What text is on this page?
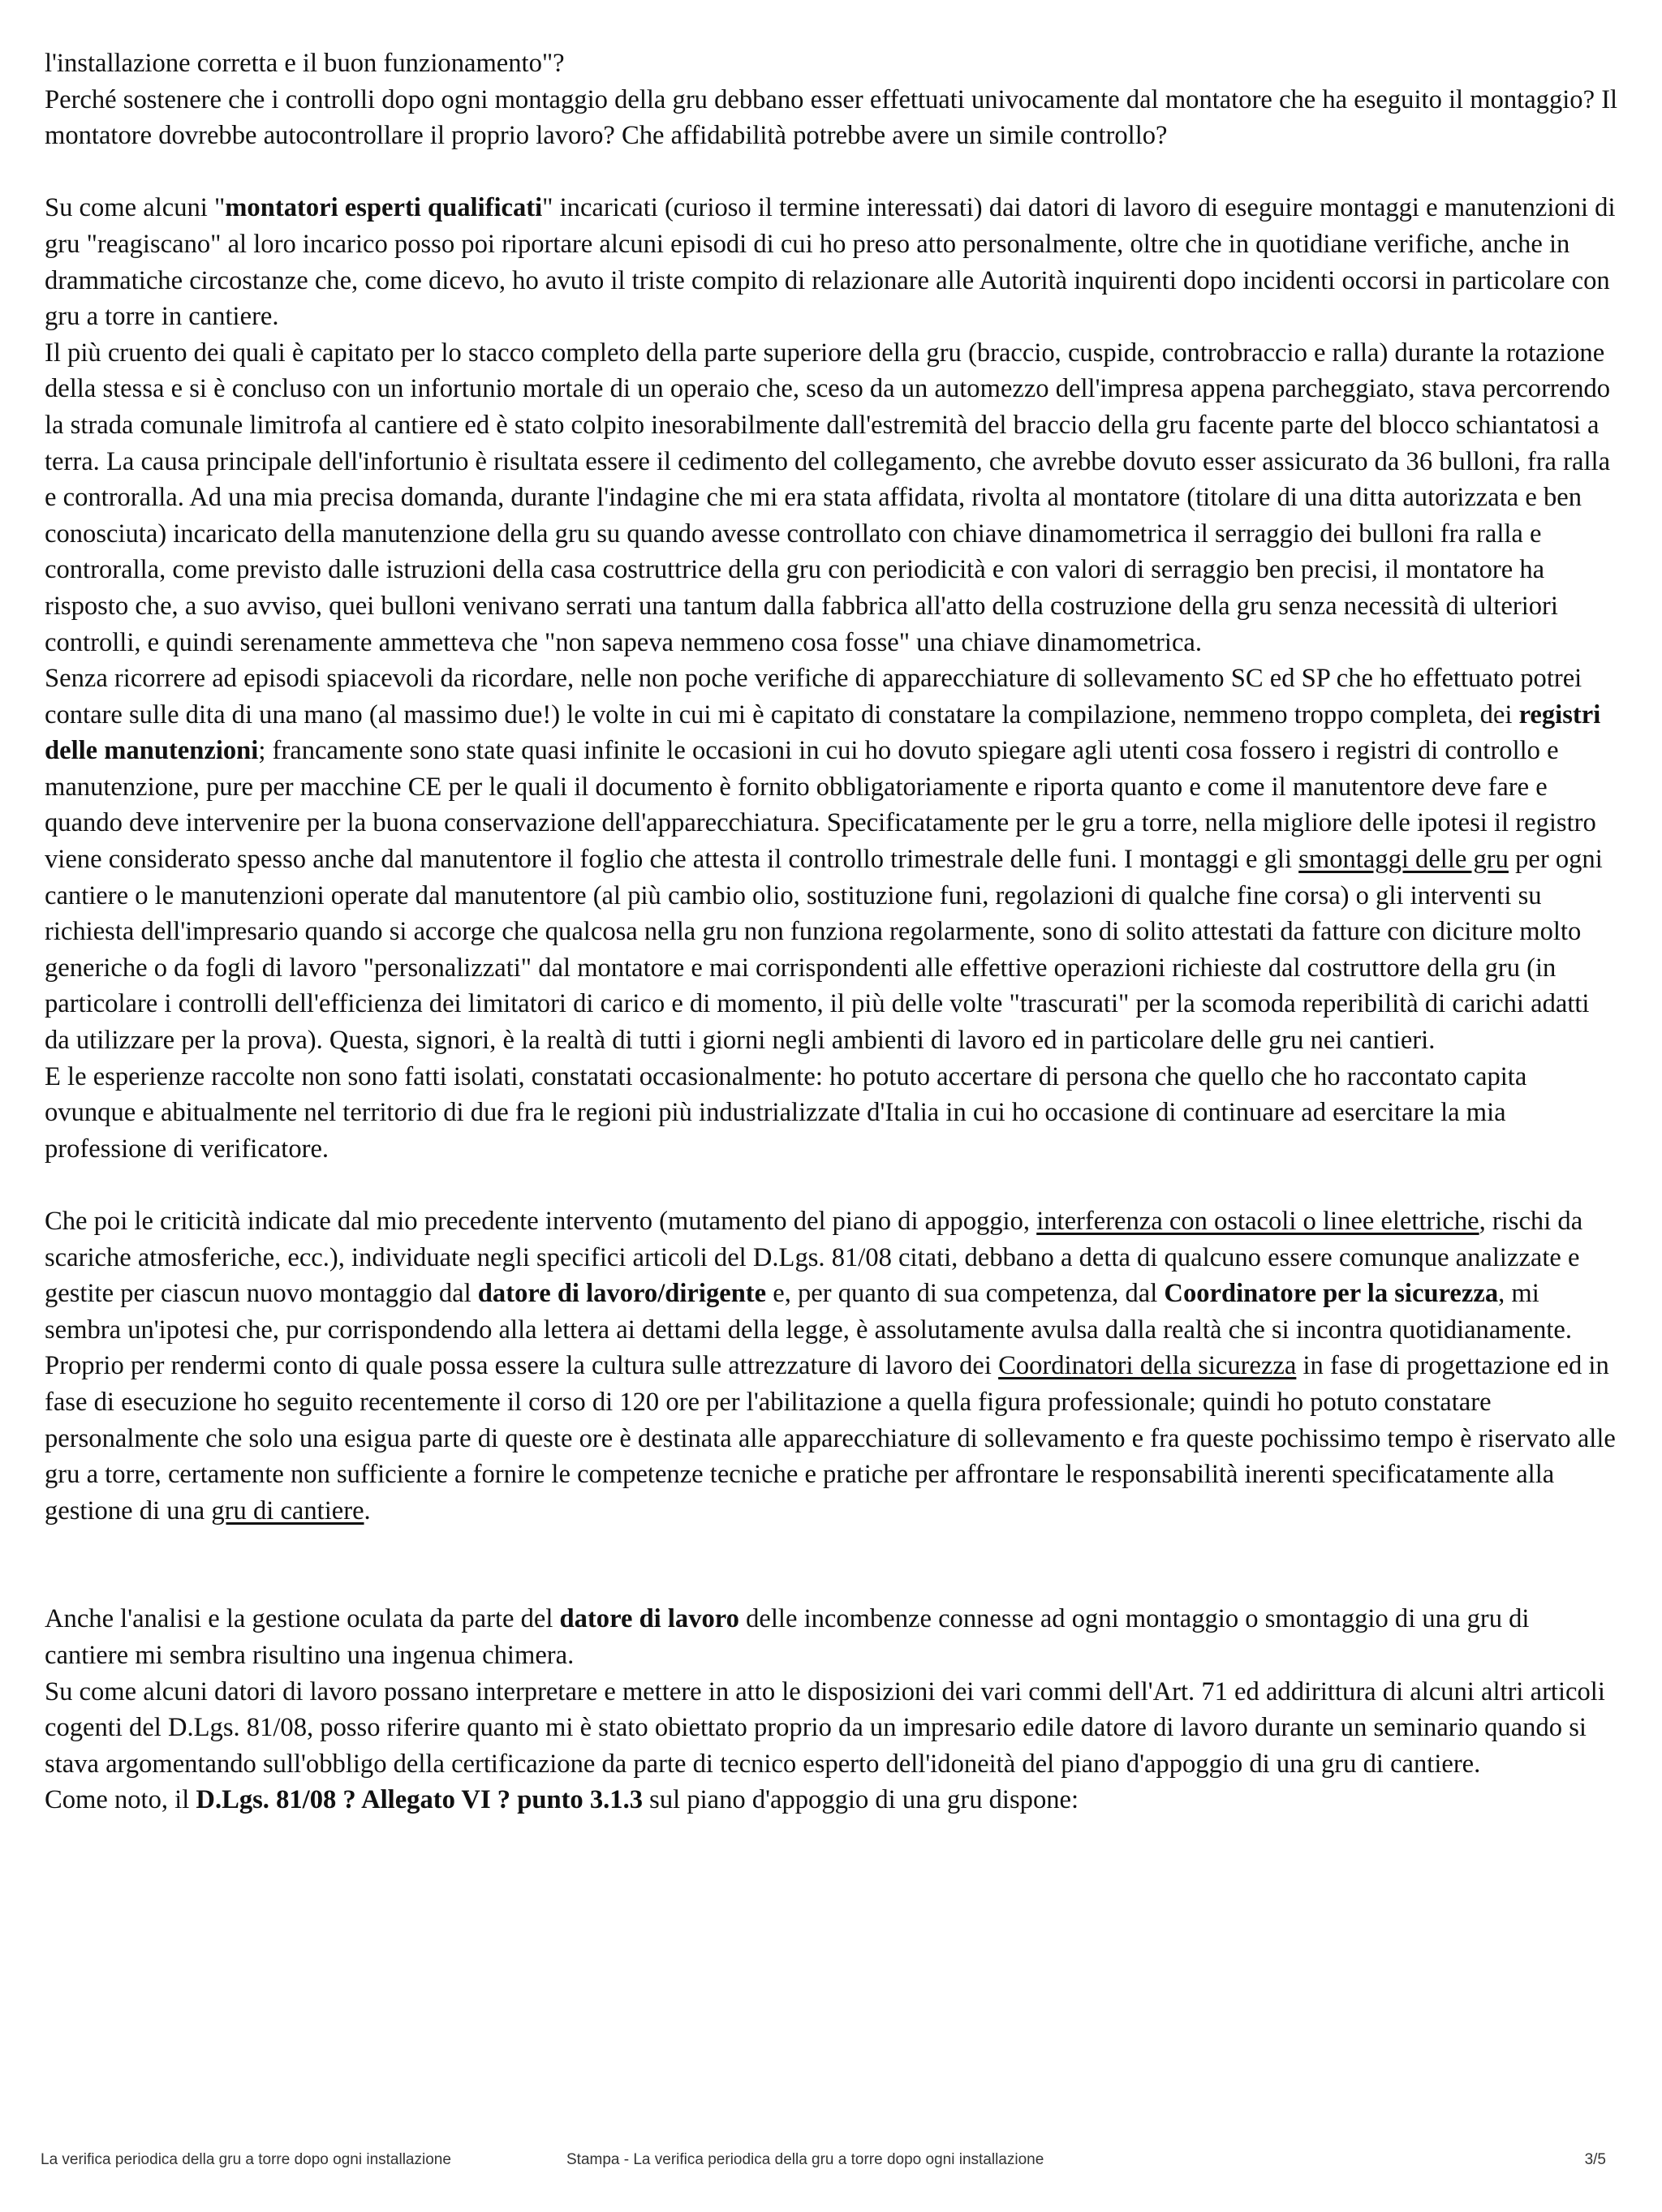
l'installazione corretta e il buon funzionamento"?

Perché sostenere che i controlli dopo ogni montaggio della gru debbano esser effettuati univocamente dal montatore che ha eseguito il montaggio? Il montatore dovrebbe autocontrollare il proprio lavoro? Che affidabilità potrebbe avere un simile controllo?

Su come alcuni "montatori esperti qualificati" incaricati (curioso il termine interessati) dai datori di lavoro di eseguire montaggi e manutenzioni di gru "reagiscano" al loro incarico posso poi riportare alcuni episodi di cui ho preso atto personalmente, oltre che in quotidiane verifiche, anche in drammatiche circostanze che, come dicevo, ho avuto il triste compito di relazionare alle Autorità inquirenti dopo incidenti occorsi in particolare con gru a torre in cantiere.

Il più cruento dei quali è capitato per lo stacco completo della parte superiore della gru (braccio, cuspide, controbraccio e ralla) durante la rotazione della stessa e si è concluso con un infortunio mortale di un operaio che, sceso da un automezzo dell'impresa appena parcheggiato, stava percorrendo la strada comunale limitrofa al cantiere ed è stato colpito inesorabilmente dall'estremità del braccio della gru facente parte del blocco schiantatosi a terra. La causa principale dell'infortunio è risultata essere il cedimento del collegamento, che avrebbe dovuto esser assicurato da 36 bulloni, fra ralla e controralla. Ad una mia precisa domanda, durante l'indagine che mi era stata affidata, rivolta al montatore (titolare di una ditta autorizzata e ben conosciuta) incaricato della manutenzione della gru su quando avesse controllato con chiave dinamometrica il serraggio dei bulloni fra ralla e controralla, come previsto dalle istruzioni della casa costruttrice della gru con periodicità e con valori di serraggio ben precisi, il montatore ha risposto che, a suo avviso, quei bulloni venivano serrati una tantum dalla fabbrica all'atto della costruzione della gru senza necessità di ulteriori controlli, e quindi serenamente ammetteva che "non sapeva nemmeno cosa fosse" una chiave dinamometrica.

Senza ricorrere ad episodi spiacevoli da ricordare, nelle non poche verifiche di apparecchiature di sollevamento SC ed SP che ho effettuato potrei contare sulle dita di una mano (al massimo due!) le volte in cui mi è capitato di constatare la compilazione, nemmeno troppo completa, dei registri delle manutenzioni; francamente sono state quasi infinite le occasioni in cui ho dovuto spiegare agli utenti cosa fossero i registri di controllo e manutenzione, pure per macchine CE per le quali il documento è fornito obbligatoriamente e riporta quanto e come il manutentore deve fare e quando deve intervenire per la buona conservazione dell'apparecchiatura. Specificatamente per le gru a torre, nella migliore delle ipotesi il registro viene considerato spesso anche dal manutentore il foglio che attesta il controllo trimestrale delle funi. I montaggi e gli smontaggi delle gru per ogni cantiere o le manutenzioni operate dal manutentore (al più cambio olio, sostituzione funi, regolazioni di qualche fine corsa) o gli interventi su richiesta dell'impresario quando si accorge che qualcosa nella gru non funziona regolarmente, sono di solito attestati da fatture con diciture molto generiche o da fogli di lavoro "personalizzati" dal montatore e mai corrispondenti alle effettive operazioni richieste dal costruttore della gru (in particolare i controlli dell'efficienza dei limitatori di carico e di momento, il più delle volte "trascurati" per la scomoda reperibilità di carichi adatti da utilizzare per la prova). Questa, signori, è la realtà di tutti i giorni negli ambienti di lavoro ed in particolare delle gru nei cantieri.

E le esperienze raccolte non sono fatti isolati, constatati occasionalmente: ho potuto accertare di persona che quello che ho raccontato capita ovunque e abitualmente nel territorio di due fra le regioni più industrializzate d'Italia in cui ho occasione di continuare ad esercitare la mia professione di verificatore.

Che poi le criticità indicate dal mio precedente intervento (mutamento del piano di appoggio, interferenza con ostacoli o linee elettriche, rischi da scariche atmosferiche, ecc.), individuate negli specifici articoli del D.Lgs. 81/08 citati, debbano a detta di qualcuno essere comunque analizzate e gestite per ciascun nuovo montaggio dal datore di lavoro/dirigente e, per quanto di sua competenza, dal Coordinatore per la sicurezza, mi sembra un'ipotesi che, pur corrispondendo alla lettera ai dettami della legge, è assolutamente avulsa dalla realtà che si incontra quotidianamente.

Proprio per rendermi conto di quale possa essere la cultura sulle attrezzature di lavoro dei Coordinatori della sicurezza in fase di progettazione ed in fase di esecuzione ho seguito recentemente il corso di 120 ore per l'abilitazione a quella figura professionale; quindi ho potuto constatare personalmente che solo una esigua parte di queste ore è destinata alle apparecchiature di sollevamento e fra queste pochissimo tempo è riservato alle gru a torre, certamente non sufficiente a fornire le competenze tecniche e pratiche per affrontare le responsabilità inerenti specificatamente alla gestione di una gru di cantiere.

Anche l'analisi e la gestione oculata da parte del datore di lavoro delle incombenze connesse ad ogni montaggio o smontaggio di una gru di cantiere mi sembra risultino una ingenua chimera.

Su come alcuni datori di lavoro possano interpretare e mettere in atto le disposizioni dei vari commi dell'Art. 71 ed addirittura di alcuni altri articoli cogenti del D.Lgs. 81/08, posso riferire quanto mi è stato obiettato proprio da un impresario edile datore di lavoro durante un seminario quando si stava argomentando sull'obbligo della certificazione da parte di tecnico esperto dell'idoneità del piano d'appoggio di una gru di cantiere.

Come noto, il D.Lgs. 81/08 ? Allegato VI ? punto 3.1.3 sul piano d'appoggio di una gru dispone:

La verifica periodica della gru a torre dopo ogni installazione	Stampa - La verifica periodica della gru a torre dopo ogni installazione	3/5
